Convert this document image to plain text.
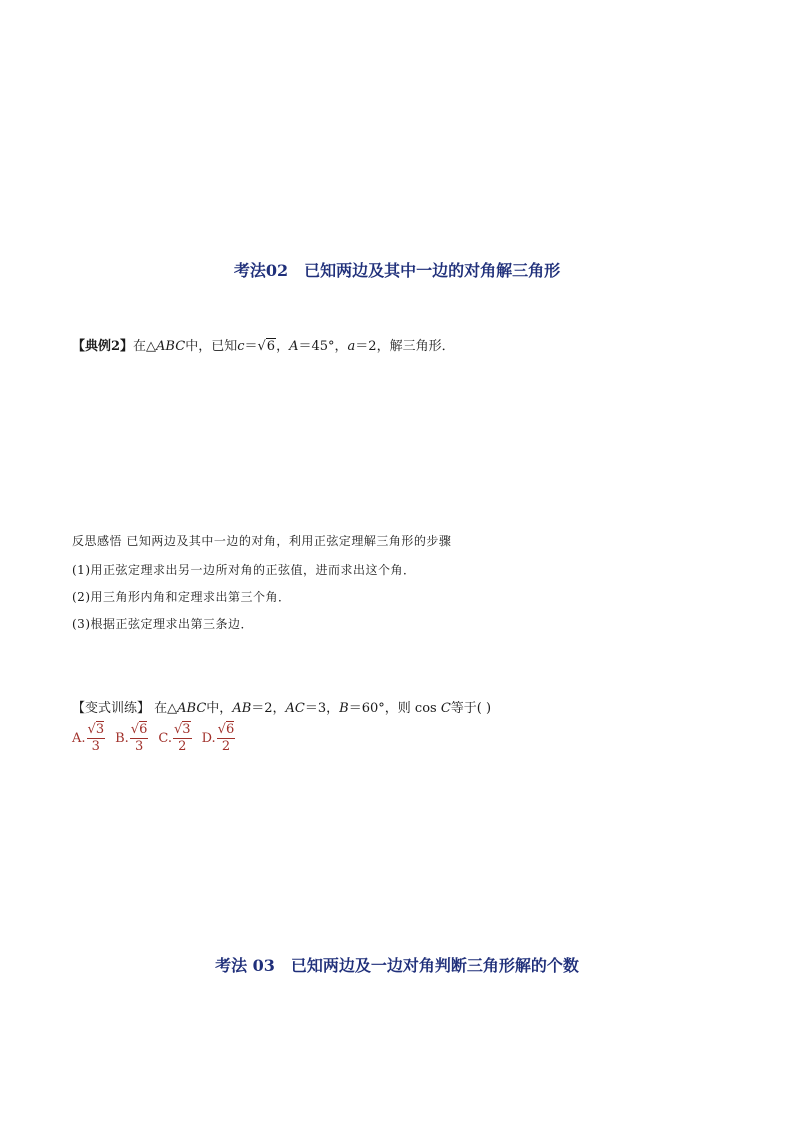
考法02 已知两边及其中一边的对角解三角形
【典例2】在△ABC中，已知c＝√6，A＝45°，a＝2，解三角形．
反思感悟 已知两边及其中一边的对角，利用正弦定理解三角形的步骤
(1)用正弦定理求出另一边所对角的正弦值，进而求出这个角．
(2)用三角形内角和定理求出第三个角．
(3)根据正弦定理求出第三条边．
【变式训练】 在△ABC中，AB＝2，AC＝3，B＝60°，则 cos C等于( )
A. $\frac{√3}{3} B$. $\frac{√6}{3} C$. $\frac{√3}{2} D$. $\frac{√6}{2}$
考法 03 已知两边及一边对角判断三角形解的个数
